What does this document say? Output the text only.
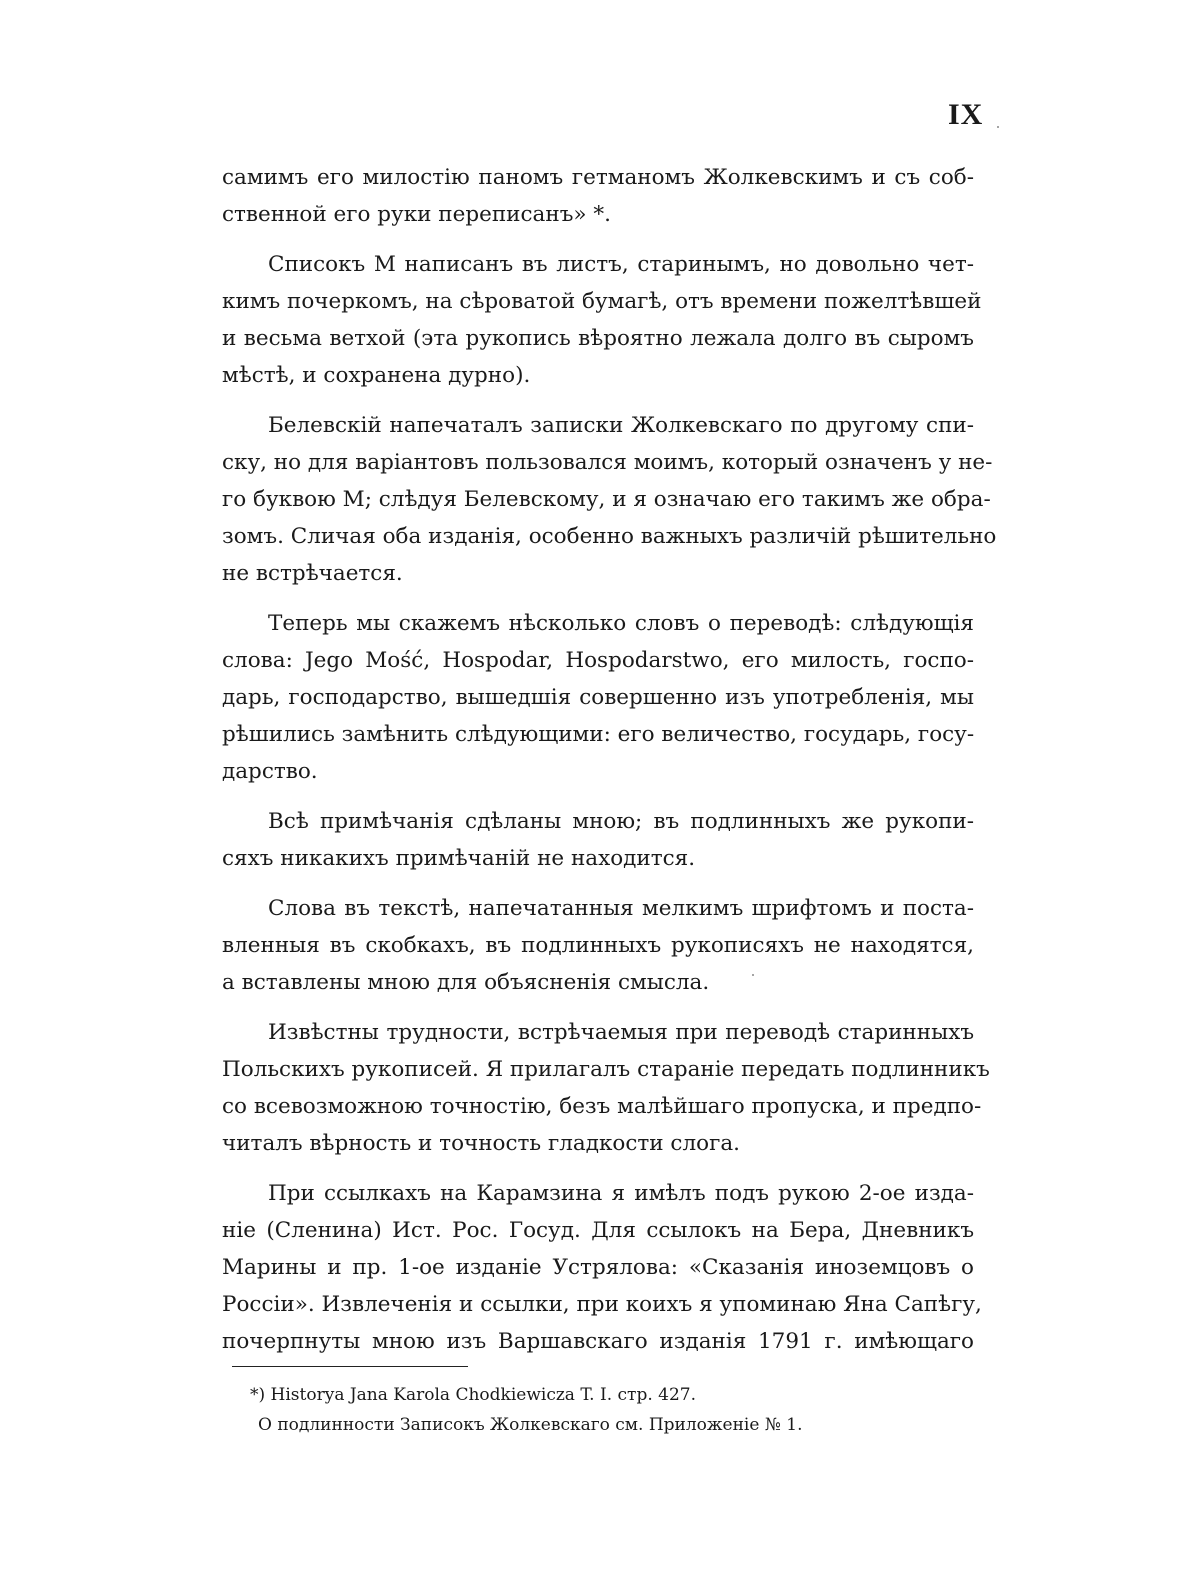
IX
самимъ его милостію паномъ гетманомъ Жолкевскимъ и съ соб-
ственной его руки переписанъ» *.
Списокъ М написанъ въ листъ, старинымъ, но довольно чет-
кимъ почеркомъ, на сѣроватой бумагѣ, отъ времени пожелтѣвшей
и весьма ветхой (эта рукопись вѣроятно лежала долго въ сыромъ
мѣстѣ, и сохранена дурно).
Белевскій напечаталъ записки Жолкевскаго по другому спи-
ску, но для варіантовъ пользовался моимъ, который означенъ у не-
го буквою М; слѣдуя Белевскому, и я означаю его такимъ же обра-
зомъ. Сличая оба изданія, особенно важныхъ различій рѣшительно
не встрѣчается.
Теперь мы скажемъ нѣсколько словъ о переводѣ: слѣдующія
слова: Jego Mość, Hospodar, Hospodarstwo, его милость, госпо-
дарь, господарство, вышедшія совершенно изъ употребленія, мы
рѣшились замѣнить слѣдующими: его величество, государь, госу-
дарство.
Всѣ примѣчанія сдѣланы мною; въ подлинныхъ же рукопи-
сяхъ никакихъ примѣчаній не находится.
Слова въ текстѣ, напечатанныя мелкимъ шрифтомъ и поста-
вленныя въ скобкахъ, въ подлинныхъ рукописяхъ не находятся,
а вставлены мною для объясненія смысла.
Извѣстны трудности, встрѣчаемыя при переводѣ старинныхъ
Польскихъ рукописей. Я прилагалъ стараніе передать подлинникъ
со всевозможною точностію, безъ малѣйшаго пропуска, и предпо-
читалъ вѣрность и точность гладкости слога.
При ссылкахъ на Карамзина я имѣлъ подъ рукою 2-ое изда-
ніе (Сленина) Ист. Рос. Госуд. Для ссылокъ на Бера, Дневникъ
Марины и пр. 1-ое изданіе Устрялова: «Сказанія иноземцовъ о
Россіи». Извлеченія и ссылки, при коихъ я упоминаю Яна Сапѣгу,
почерпнуты мною изъ Варшавскаго изданія 1791 г. имѣющаго
*) Historya Jana Karola Chodkiewicza T. I. стр. 427.
О подлинности Записокъ Жолкевскаго см. Приложеніе № 1.
